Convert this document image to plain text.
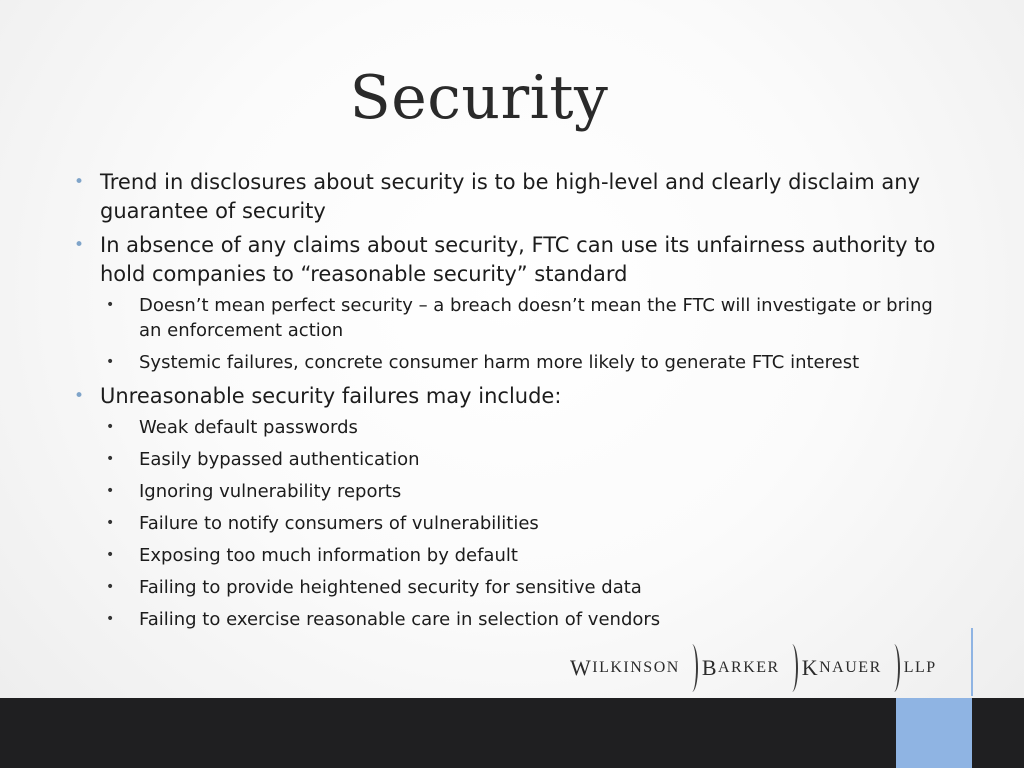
Security
• Trend in disclosures about security is to be high-level and clearly disclaim any guarantee of security
• In absence of any claims about security, FTC can use its unfairness authority to hold companies to “reasonable security” standard
• Doesn’t mean perfect security – a breach doesn’t mean the FTC will investigate or bring an enforcement action
• Systemic failures, concrete consumer harm more likely to generate FTC interest
• Unreasonable security failures may include:
• Weak default passwords
• Easily bypassed authentication
• Ignoring vulnerability reports
• Failure to notify consumers of vulnerabilities
• Exposing too much information by default
• Failing to provide heightened security for sensitive data
• Failing to exercise reasonable care in selection of vendors
W ILKINSON B ARKER K NAUER LLP
